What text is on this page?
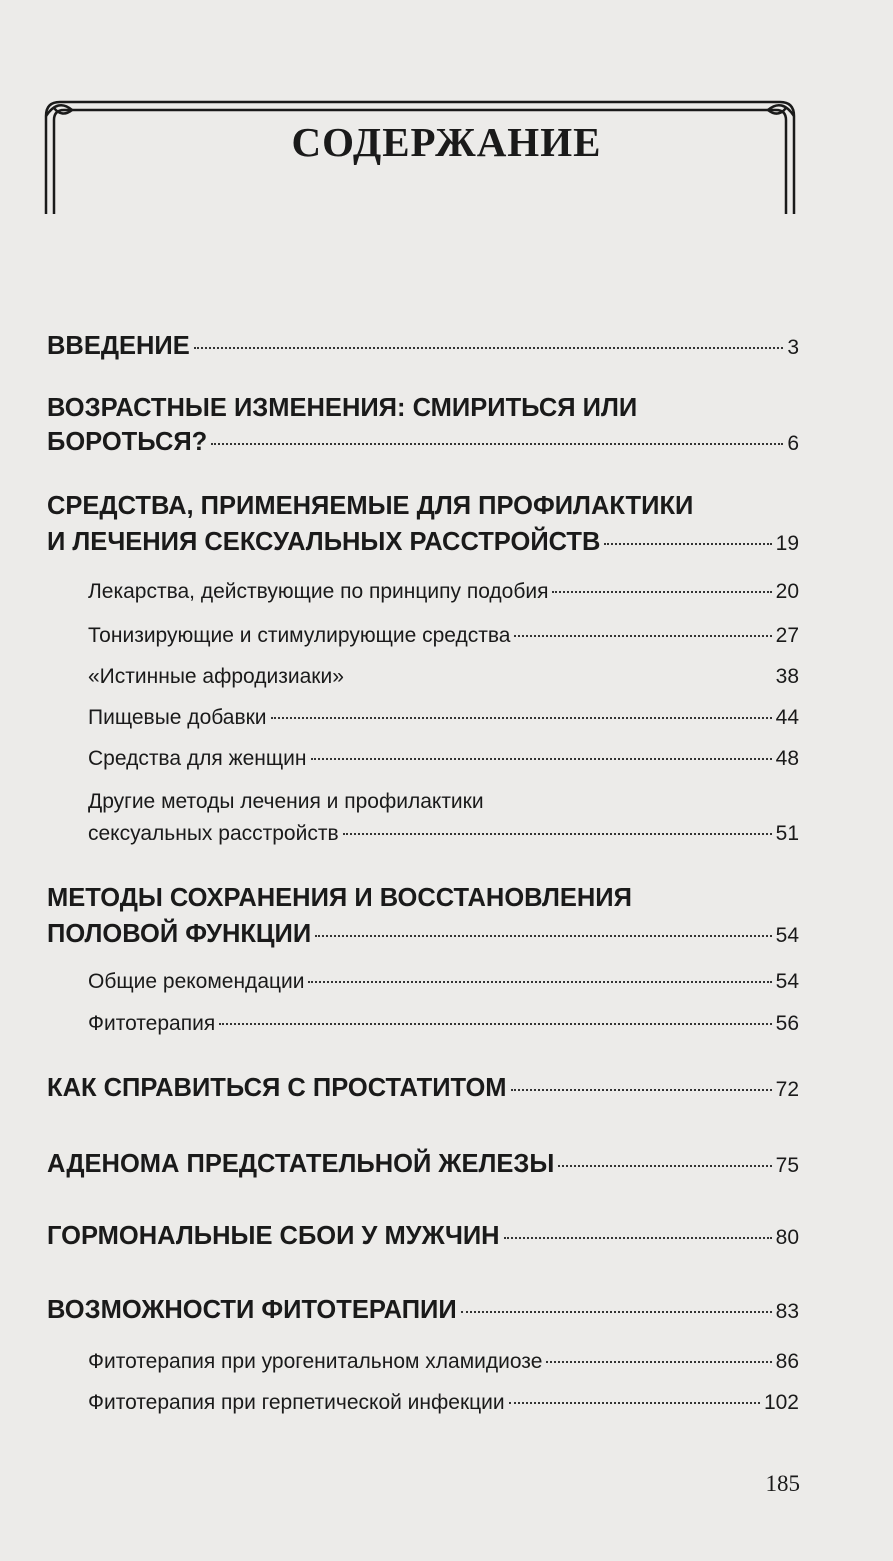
СОДЕРЖАНИЕ
ВВЕДЕНИЕ	3
ВОЗРАСТНЫЕ ИЗМЕНЕНИЯ: СМИРИТЬСЯ ИЛИ
БОРОТЬСЯ?	6
СРЕДСТВА, ПРИМЕНЯЕМЫЕ ДЛЯ ПРОФИЛАКТИКИ
И ЛЕЧЕНИЯ СЕКСУАЛЬНЫХ РАССТРОЙСТВ	19
Лекарства, действующие по принципу подобия	20
Тонизирующие и стимулирующие средства	27
«Истинные афродизиаки»	38
Пищевые добавки	44
Средства для женщин	48
Другие методы лечения и профилактики
сексуальных расстройств	51
МЕТОДЫ СОХРАНЕНИЯ И ВОССТАНОВЛЕНИЯ
ПОЛОВОЙ ФУНКЦИИ	54
Общие рекомендации	54
Фитотерапия	56
КАК СПРАВИТЬСЯ С ПРОСТАТИТОМ	72
АДЕНОМА ПРЕДСТАТЕЛЬНОЙ ЖЕЛЕЗЫ	75
ГОРМОНАЛЬНЫЕ СБОИ У МУЖЧИН	80
ВОЗМОЖНОСТИ ФИТОТЕРАПИИ	83
Фитотерапия при урогенитальном хламидиозе	86
Фитотерапия при герпетической инфекции	102
185
